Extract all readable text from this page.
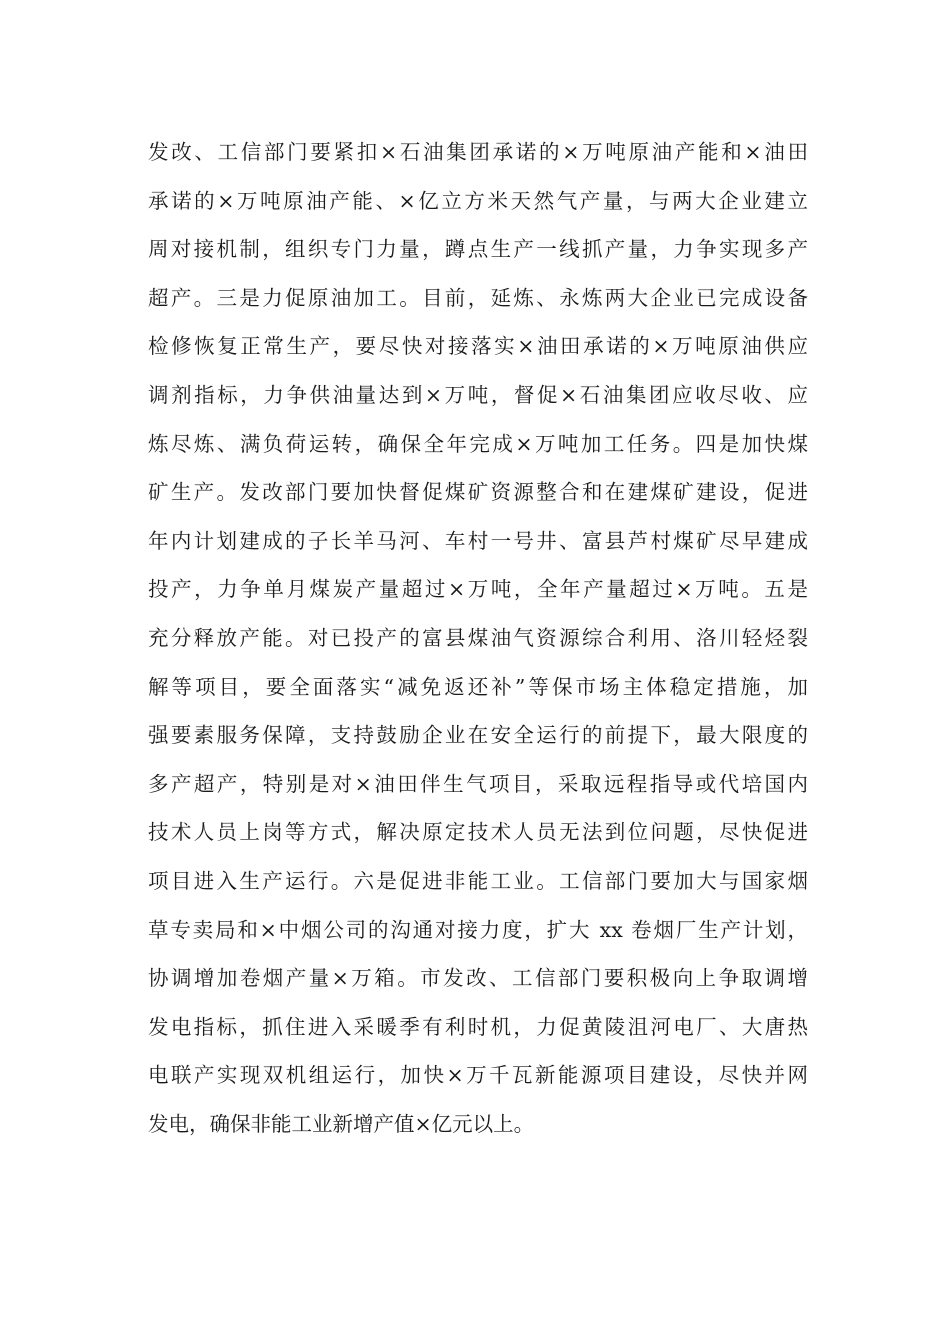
发改、工信部门要紧扣×石油集团承诺的×万吨原油产能和×油田
承诺的×万吨原油产能、×亿立方米天然气产量，与两大企业建立
周对接机制，组织专门力量，蹲点生产一线抓产量，力争实现多产
超产。三是力促原油加工。目前，延炼、永炼两大企业已完成设备
检修恢复正常生产，要尽快对接落实×油田承诺的×万吨原油供应
调剂指标，力争供油量达到×万吨，督促×石油集团应收尽收、应
炼尽炼、满负荷运转，确保全年完成×万吨加工任务。四是加快煤
矿生产。发改部门要加快督促煤矿资源整合和在建煤矿建设，促进
年内计划建成的子长羊马河、车村一号井、富县芦村煤矿尽早建成
投产，力争单月煤炭产量超过×万吨，全年产量超过×万吨。五是
充分释放产能。对已投产的富县煤油气资源综合利用、洛川轻烃裂
解等项目，要全面落实“减免返还补”等保市场主体稳定措施，加
强要素服务保障，支持鼓励企业在安全运行的前提下，最大限度的
多产超产，特别是对×油田伴生气项目，采取远程指导或代培国内
技术人员上岗等方式，解决原定技术人员无法到位问题，尽快促进
项目进入生产运行。六是促进非能工业。工信部门要加大与国家烟
草专卖局和×中烟公司的沟通对接力度，扩大 xx 卷烟厂生产计划，
协调增加卷烟产量×万箱。市发改、工信部门要积极向上争取调增
发电指标，抓住进入采暖季有利时机，力促黄陵沮河电厂、大唐热
电联产实现双机组运行，加快×万千瓦新能源项目建设，尽快并网
发电，确保非能工业新增产值×亿元以上。
